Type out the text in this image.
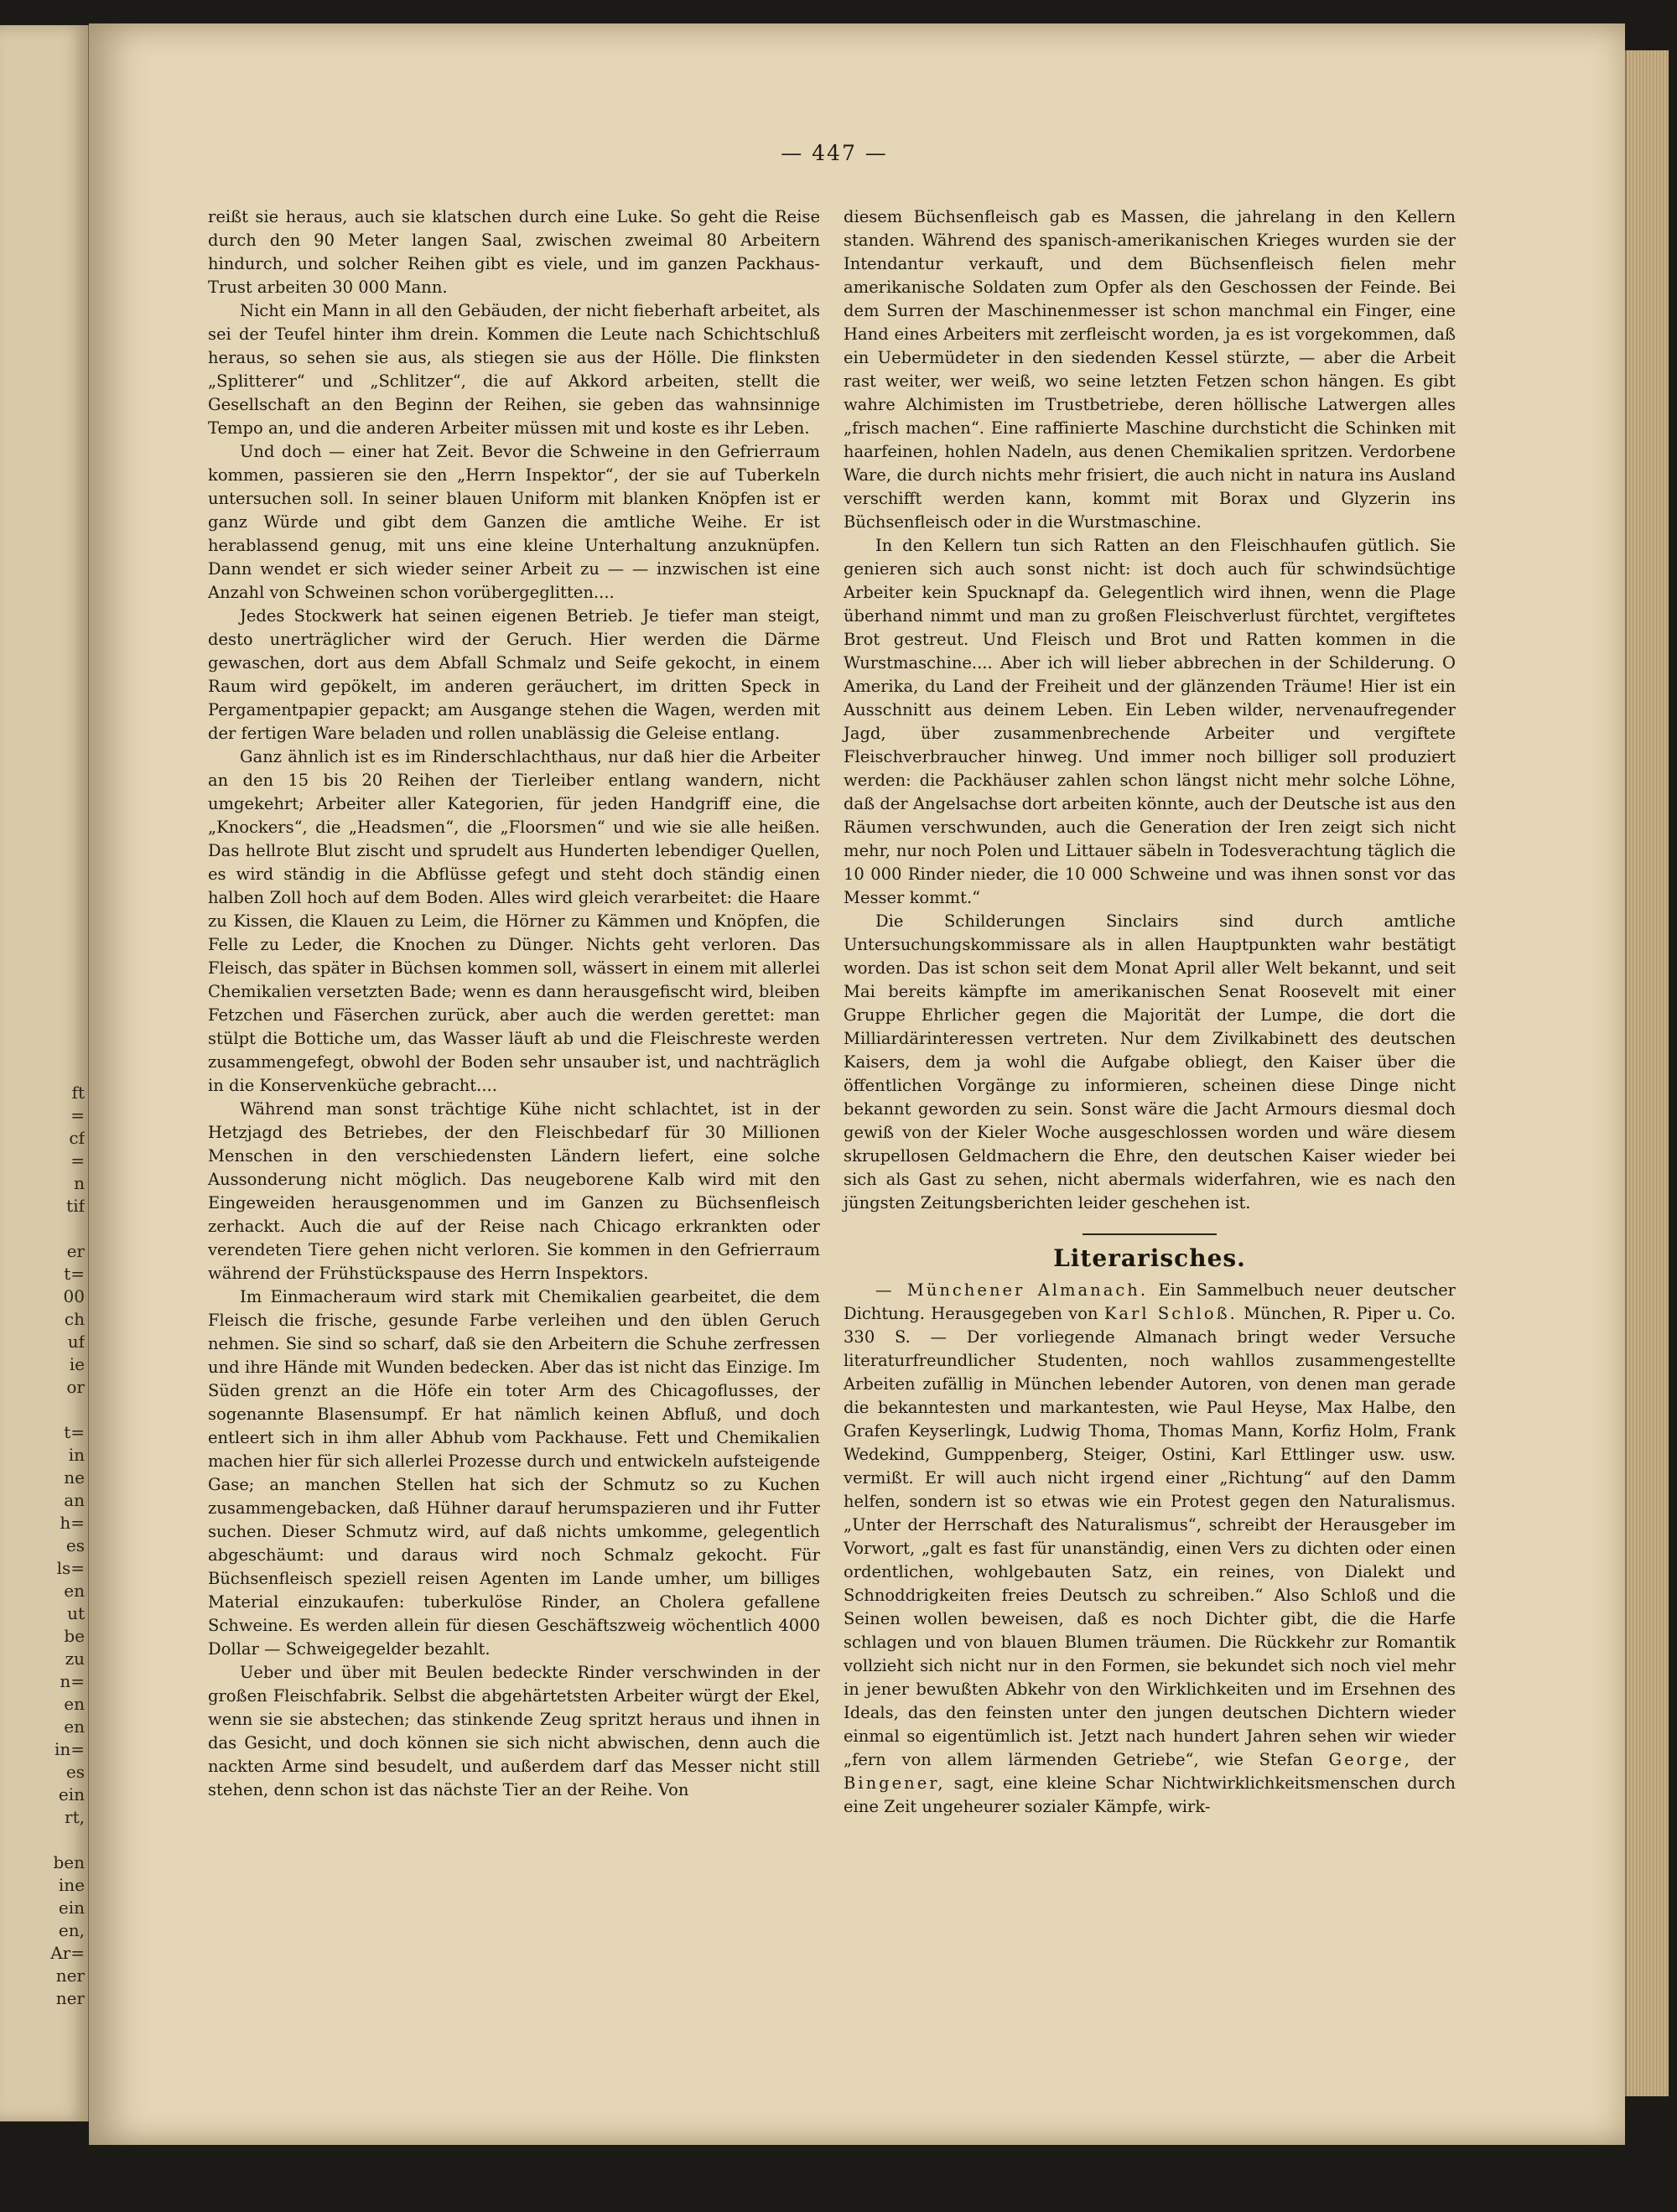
ft
=
cf
=
n
tif
er
t=
00
ch
uf
ie
or
t=
in
ne
an
h=
es
ls=
en
ut
be
zu
n=
en
en
in=
es
ein
rt,
ben
ine
ein
en,
Ar=
ner
ner
— 447 —

reißt sie heraus, auch sie klatschen durch eine Luke. So geht die Reise durch den 90 Meter langen Saal, zwischen zweimal 80 Arbeitern hindurch, und solcher Reihen gibt es viele, und im ganzen Packhaus-Trust arbeiten 30 000 Mann.

Nicht ein Mann in all den Gebäuden, der nicht fieberhaft arbeitet, als sei der Teufel hinter ihm drein. Kommen die Leute nach Schichtschluß heraus, so sehen sie aus, als stiegen sie aus der Hölle. Die flinksten „Splitterer“ und „Schlitzer“, die auf Akkord arbeiten, stellt die Gesellschaft an den Beginn der Reihen, sie geben das wahnsinnige Tempo an, und die anderen Arbeiter müssen mit und koste es ihr Leben.

Und doch — einer hat Zeit. Bevor die Schweine in den Gefrierraum kommen, passieren sie den „Herrn Inspektor“, der sie auf Tuberkeln untersuchen soll. In seiner blauen Uniform mit blanken Knöpfen ist er ganz Würde und gibt dem Ganzen die amtliche Weihe. Er ist herablassend genug, mit uns eine kleine Unterhaltung anzuknüpfen. Dann wendet er sich wieder seiner Arbeit zu — — inzwischen ist eine Anzahl von Schweinen schon vorübergeglitten....

Jedes Stockwerk hat seinen eigenen Betrieb. Je tiefer man steigt, desto unerträglicher wird der Geruch. Hier werden die Därme gewaschen, dort aus dem Abfall Schmalz und Seife gekocht, in einem Raum wird gepökelt, im anderen geräuchert, im dritten Speck in Pergamentpapier gepackt; am Ausgange stehen die Wagen, werden mit der fertigen Ware beladen und rollen unablässig die Geleise entlang.

Ganz ähnlich ist es im Rinderschlachthaus, nur daß hier die Arbeiter an den 15 bis 20 Reihen der Tierleiber entlang wandern, nicht umgekehrt; Arbeiter aller Kategorien, für jeden Handgriff eine, die „Knockers“, die „Headsmen“, die „Floorsmen“ und wie sie alle heißen. Das hellrote Blut zischt und sprudelt aus Hunderten lebendiger Quellen, es wird ständig in die Abflüsse gefegt und steht doch ständig einen halben Zoll hoch auf dem Boden. Alles wird gleich verarbeitet: die Haare zu Kissen, die Klauen zu Leim, die Hörner zu Kämmen und Knöpfen, die Felle zu Leder, die Knochen zu Dünger. Nichts geht verloren. Das Fleisch, das später in Büchsen kommen soll, wässert in einem mit allerlei Chemikalien versetzten Bade; wenn es dann herausgefischt wird, bleiben Fetzchen und Fäserchen zurück, aber auch die werden gerettet: man stülpt die Bottiche um, das Wasser läuft ab und die Fleischreste werden zusammengefegt, obwohl der Boden sehr unsauber ist, und nachträglich in die Konservenküche gebracht....

Während man sonst trächtige Kühe nicht schlachtet, ist in der Hetzjagd des Betriebes, der den Fleischbedarf für 30 Millionen Menschen in den verschiedensten Ländern liefert, eine solche Aussonderung nicht möglich. Das neugeborene Kalb wird mit den Eingeweiden herausgenommen und im Ganzen zu Büchsenfleisch zerhackt. Auch die auf der Reise nach Chicago erkrankten oder verendeten Tiere gehen nicht verloren. Sie kommen in den Gefrierraum während der Frühstückspause des Herrn Inspektors.

Im Einmacheraum wird stark mit Chemikalien gearbeitet, die dem Fleisch die frische, gesunde Farbe verleihen und den üblen Geruch nehmen. Sie sind so scharf, daß sie den Arbeitern die Schuhe zerfressen und ihre Hände mit Wunden bedecken. Aber das ist nicht das Einzige. Im Süden grenzt an die Höfe ein toter Arm des Chicagoflusses, der sogenannte Blasensumpf. Er hat nämlich keinen Abfluß, und doch entleert sich in ihm aller Abhub vom Packhause. Fett und Chemikalien machen hier für sich allerlei Prozesse durch und entwickeln aufsteigende Gase; an manchen Stellen hat sich der Schmutz so zu Kuchen zusammengebacken, daß Hühner darauf herumspazieren und ihr Futter suchen. Dieser Schmutz wird, auf daß nichts umkomme, gelegentlich abgeschäumt: und daraus wird noch Schmalz gekocht. Für Büchsenfleisch speziell reisen Agenten im Lande umher, um billiges Material einzukaufen: tuberkulöse Rinder, an Cholera gefallene Schweine. Es werden allein für diesen Geschäftszweig wöchentlich 4000 Dollar — Schweigegelder bezahlt.

Ueber und über mit Beulen bedeckte Rinder verschwinden in der großen Fleischfabrik. Selbst die abgehärtetsten Arbeiter würgt der Ekel, wenn sie sie abstechen; das stinkende Zeug spritzt heraus und ihnen in das Gesicht, und doch können sie sich nicht abwischen, denn auch die nackten Arme sind besudelt, und außerdem darf das Messer nicht still stehen, denn schon ist das nächste Tier an der Reihe. Von

diesem Büchsenfleisch gab es Massen, die jahrelang in den Kellern standen. Während des spanisch-amerikanischen Krieges wurden sie der Intendantur verkauft, und dem Büchsenfleisch fielen mehr amerikanische Soldaten zum Opfer als den Geschossen der Feinde. Bei dem Surren der Maschinenmesser ist schon manchmal ein Finger, eine Hand eines Arbeiters mit zerfleischt worden, ja es ist vorgekommen, daß ein Uebermüdeter in den siedenden Kessel stürzte, — aber die Arbeit rast weiter, wer weiß, wo seine letzten Fetzen schon hängen. Es gibt wahre Alchimisten im Trustbetriebe, deren höllische Latwergen alles „frisch machen“. Eine raffinierte Maschine durchsticht die Schinken mit haarfeinen, hohlen Nadeln, aus denen Chemikalien spritzen. Verdorbene Ware, die durch nichts mehr frisiert, die auch nicht in natura ins Ausland verschifft werden kann, kommt mit Borax und Glyzerin ins Büchsenfleisch oder in die Wurstmaschine.

In den Kellern tun sich Ratten an den Fleischhaufen gütlich. Sie genieren sich auch sonst nicht: ist doch auch für schwindsüchtige Arbeiter kein Spucknapf da. Gelegentlich wird ihnen, wenn die Plage überhand nimmt und man zu großen Fleischverlust fürchtet, vergiftetes Brot gestreut. Und Fleisch und Brot und Ratten kommen in die Wurstmaschine.... Aber ich will lieber abbrechen in der Schilderung. O Amerika, du Land der Freiheit und der glänzenden Träume! Hier ist ein Ausschnitt aus deinem Leben. Ein Leben wilder, nervenaufregender Jagd, über zusammenbrechende Arbeiter und vergiftete Fleischverbraucher hinweg. Und immer noch billiger soll produziert werden: die Packhäuser zahlen schon längst nicht mehr solche Löhne, daß der Angelsachse dort arbeiten könnte, auch der Deutsche ist aus den Räumen verschwunden, auch die Generation der Iren zeigt sich nicht mehr, nur noch Polen und Littauer säbeln in Todesverachtung täglich die 10 000 Rinder nieder, die 10 000 Schweine und was ihnen sonst vor das Messer kommt.“

Die Schilderungen Sinclairs sind durch amtliche Untersuchungskommissare als in allen Hauptpunkten wahr bestätigt worden. Das ist schon seit dem Monat April aller Welt bekannt, und seit Mai bereits kämpfte im amerikanischen Senat Roosevelt mit einer Gruppe Ehrlicher gegen die Majorität der Lumpe, die dort die Milliardärinteressen vertreten. Nur dem Zivilkabinett des deutschen Kaisers, dem ja wohl die Aufgabe obliegt, den Kaiser über die öffentlichen Vorgänge zu informieren, scheinen diese Dinge nicht bekannt geworden zu sein. Sonst wäre die Jacht Armours diesmal doch gewiß von der Kieler Woche ausgeschlossen worden und wäre diesem skrupellosen Geldmachern die Ehre, den deutschen Kaiser wieder bei sich als Gast zu sehen, nicht abermals widerfahren, wie es nach den jüngsten Zeitungsberichten leider geschehen ist.

Literarisches.

— Münchener Almanach. Ein Sammelbuch neuer deutscher Dichtung. Herausgegeben von Karl Schloß. München, R. Piper u. Co. 330 S. — Der vorliegende Almanach bringt weder Versuche literaturfreundlicher Studenten, noch wahllos zusammengestellte Arbeiten zufällig in München lebender Autoren, von denen man gerade die bekanntesten und markantesten, wie Paul Heyse, Max Halbe, den Grafen Keyserlingk, Ludwig Thoma, Thomas Mann, Korfiz Holm, Frank Wedekind, Gumppenberg, Steiger, Ostini, Karl Ettlinger usw. usw. vermißt. Er will auch nicht irgend einer „Richtung“ auf den Damm helfen, sondern ist so etwas wie ein Protest gegen den Naturalismus. „Unter der Herrschaft des Naturalismus“, schreibt der Herausgeber im Vorwort, „galt es fast für unanständig, einen Vers zu dichten oder einen ordentlichen, wohlgebauten Satz, ein reines, von Dialekt und Schnoddrigkeiten freies Deutsch zu schreiben.“ Also Schloß und die Seinen wollen beweisen, daß es noch Dichter gibt, die die Harfe schlagen und von blauen Blumen träumen. Die Rückkehr zur Romantik vollzieht sich nicht nur in den Formen, sie bekundet sich noch viel mehr in jener bewußten Abkehr von den Wirklichkeiten und im Ersehnen des Ideals, das den feinsten unter den jungen deutschen Dichtern wieder einmal so eigentümlich ist. Jetzt nach hundert Jahren sehen wir wieder „fern von allem lärmenden Getriebe“, wie Stefan George, der Bingener, sagt, eine kleine Schar Nichtwirklichkeitsmenschen durch eine Zeit ungeheurer sozialer Kämpfe, wirk-
